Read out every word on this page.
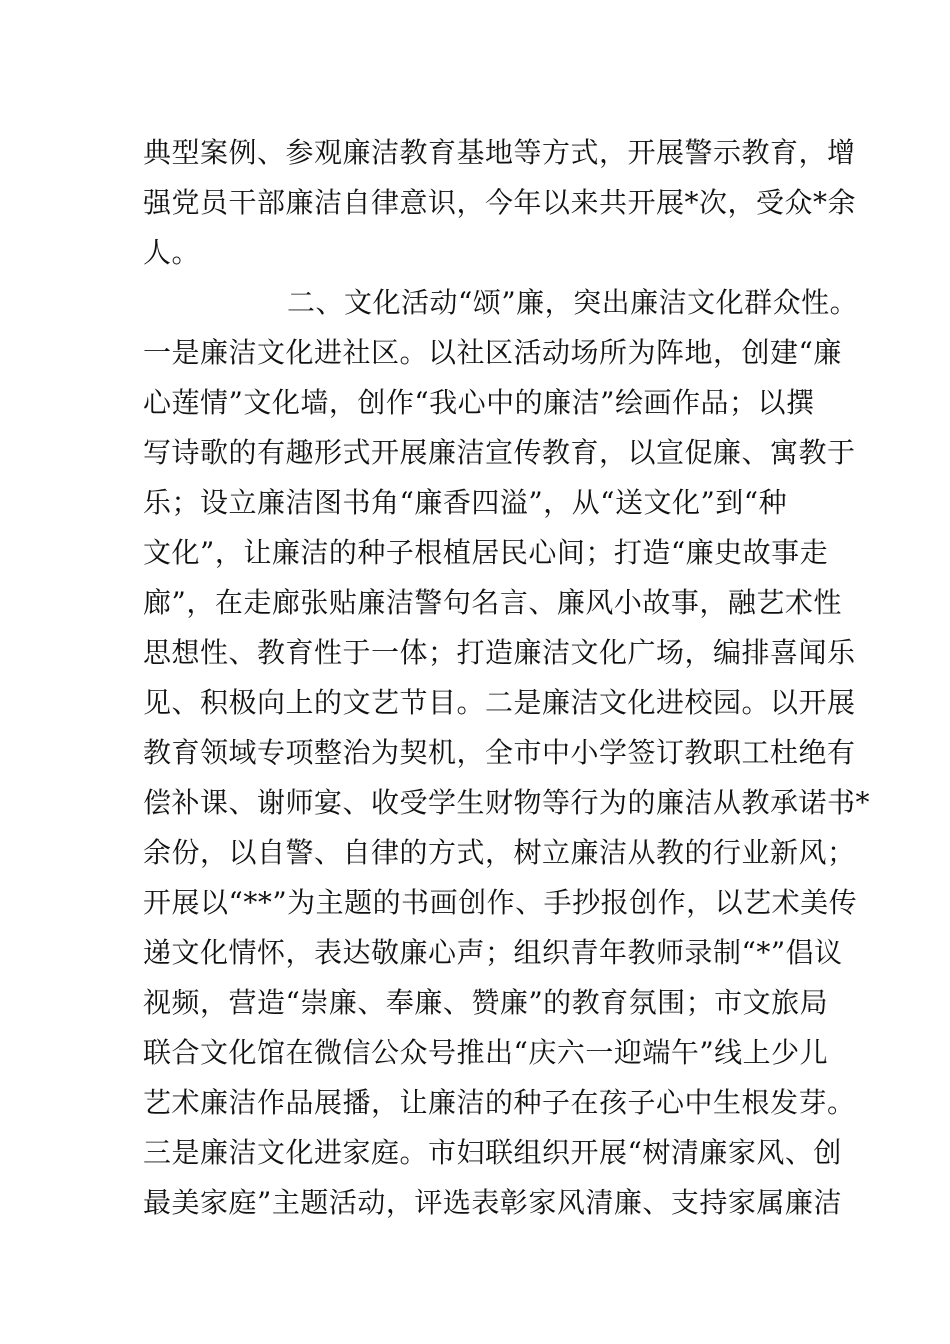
典型案例、参观廉洁教育基地等方式，开展警示教育，增
强党员干部廉洁自律意识，今年以来共开展*次，受众*余
人。
二、文化活动“颂”廉，突出廉洁文化群众性。
一是廉洁文化进社区。以社区活动场所为阵地，创建“廉
心莲情”文化墙，创作“我心中的廉洁”绘画作品；以撰
写诗歌的有趣形式开展廉洁宣传教育，以宣促廉、寓教于
乐；设立廉洁图书角“廉香四溢”，从“送文化”到“种
文化”，让廉洁的种子根植居民心间；打造“廉史故事走
廊”，在走廊张贴廉洁警句名言、廉风小故事，融艺术性
思想性、教育性于一体；打造廉洁文化广场，编排喜闻乐
见、积极向上的文艺节目。二是廉洁文化进校园。以开展
教育领域专项整治为契机，全市中小学签订教职工杜绝有
偿补课、谢师宴、收受学生财物等行为的廉洁从教承诺书*
余份，以自警、自律的方式，树立廉洁从教的行业新风；
开展以“**”为主题的书画创作、手抄报创作，以艺术美传
递文化情怀，表达敬廉心声；组织青年教师录制“*”倡议
视频，营造“崇廉、奉廉、赞廉”的教育氛围；市文旅局
联合文化馆在微信公众号推出“庆六一迎端午”线上少儿
艺术廉洁作品展播，让廉洁的种子在孩子心中生根发芽。
三是廉洁文化进家庭。市妇联组织开展“树清廉家风、创
最美家庭”主题活动，评选表彰家风清廉、支持家属廉洁
